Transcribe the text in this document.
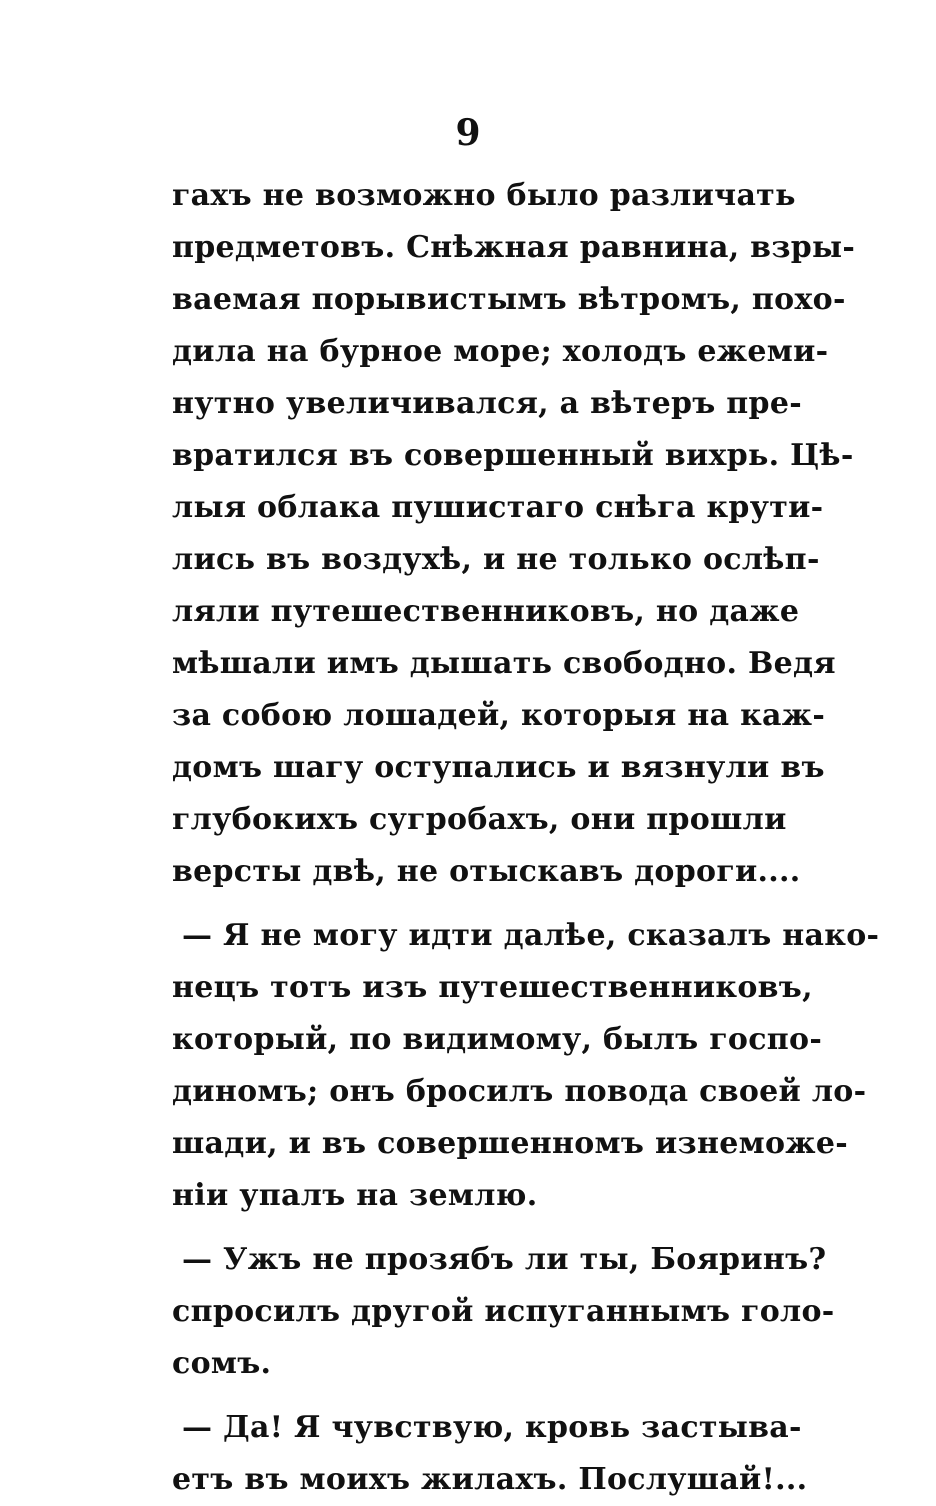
9
гахъ не возможно было различать
предметовъ. Снѣжная равнина, взры-
ваемая порывистымъ вѣтромъ, похо-
дила на бурное море; холодъ ежеми-
нутно увеличивался, а вѣтеръ пре-
вратился въ совершенный вихрь. Цѣ-
лыя облака пушистаго снѣга крути-
лись въ воздухѣ, и не только ослѣп-
ляли путешественниковъ, но даже
мѣшали имъ дышать свободно. Ведя
за собою лошадей, которыя на каж-
домъ шагу оступались и вязнули въ
глубокихъ сугробахъ, они прошли
версты двѣ, не отыскавъ дороги....
— Я не могу идти далѣе, сказалъ нако-
нецъ тотъ изъ путешественниковъ,
который, по видимому, былъ госпо-
диномъ; онъ бросилъ повода своей ло-
шади, и въ совершенномъ изнеможе-
нiи упалъ на землю.
— Ужъ не прозябъ ли ты, Бояринъ?
спросилъ другой испуганнымъ голо-
сомъ.
— Да! Я чувствую, кровь застыва-
етъ въ моихъ жилахъ. Послушай!...
